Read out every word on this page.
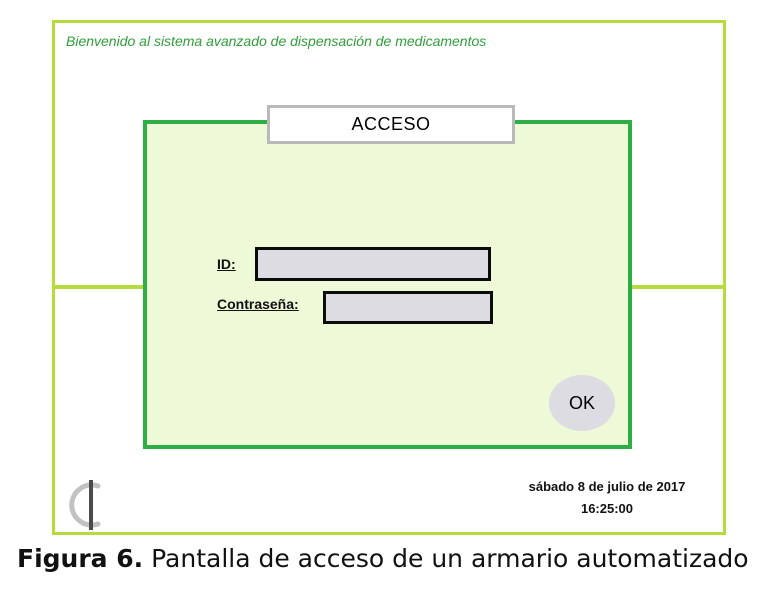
Bienvenido al sistema avanzado de dispensación de medicamentos
ACCESO
ID:
Contraseña:
OK
sábado 8 de julio de 2017
16:25:00
Figura 6. Pantalla de acceso de un armario automatizado
